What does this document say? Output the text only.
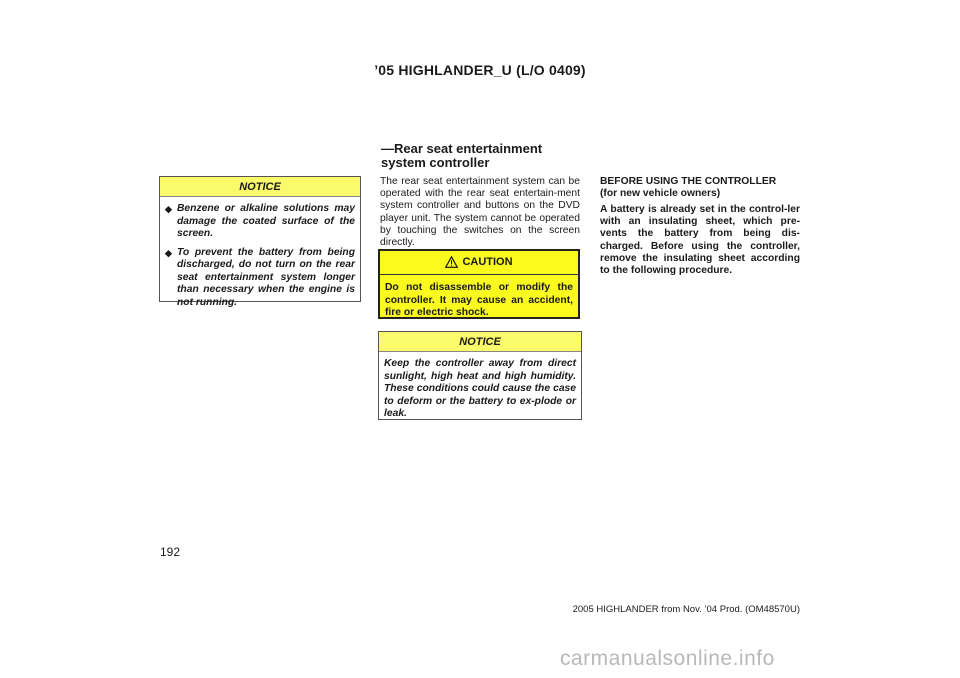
’05 HIGHLANDER_U (L/O 0409)
NOTICE
◆ Benzene or alkaline solutions may damage the coated surface of the screen.
◆ To prevent the battery from being discharged, do not turn on the rear seat entertainment system longer than necessary when the engine is not running.
—Rear seat entertainment
system controller
The rear seat entertainment system can be operated with the rear seat entertain-ment system controller and buttons on the DVD player unit. The system cannot be operated by touching the switches on the screen directly.
CAUTION
Do not disassemble or modify the controller. It may cause an accident, fire or electric shock.
NOTICE
Keep the controller away from direct sunlight, high heat and high humidity. These conditions could cause the case to deform or the battery to ex-plode or leak.
BEFORE USING THE CONTROLLER
(for new vehicle owners)
A battery is already set in the control-ler with an insulating sheet, which pre-vents the battery from being dis-charged. Before using the controller, remove the insulating sheet according to the following procedure.
192
2005 HIGHLANDER from Nov. ’04 Prod. (OM48570U)
carmanualsonline.info
